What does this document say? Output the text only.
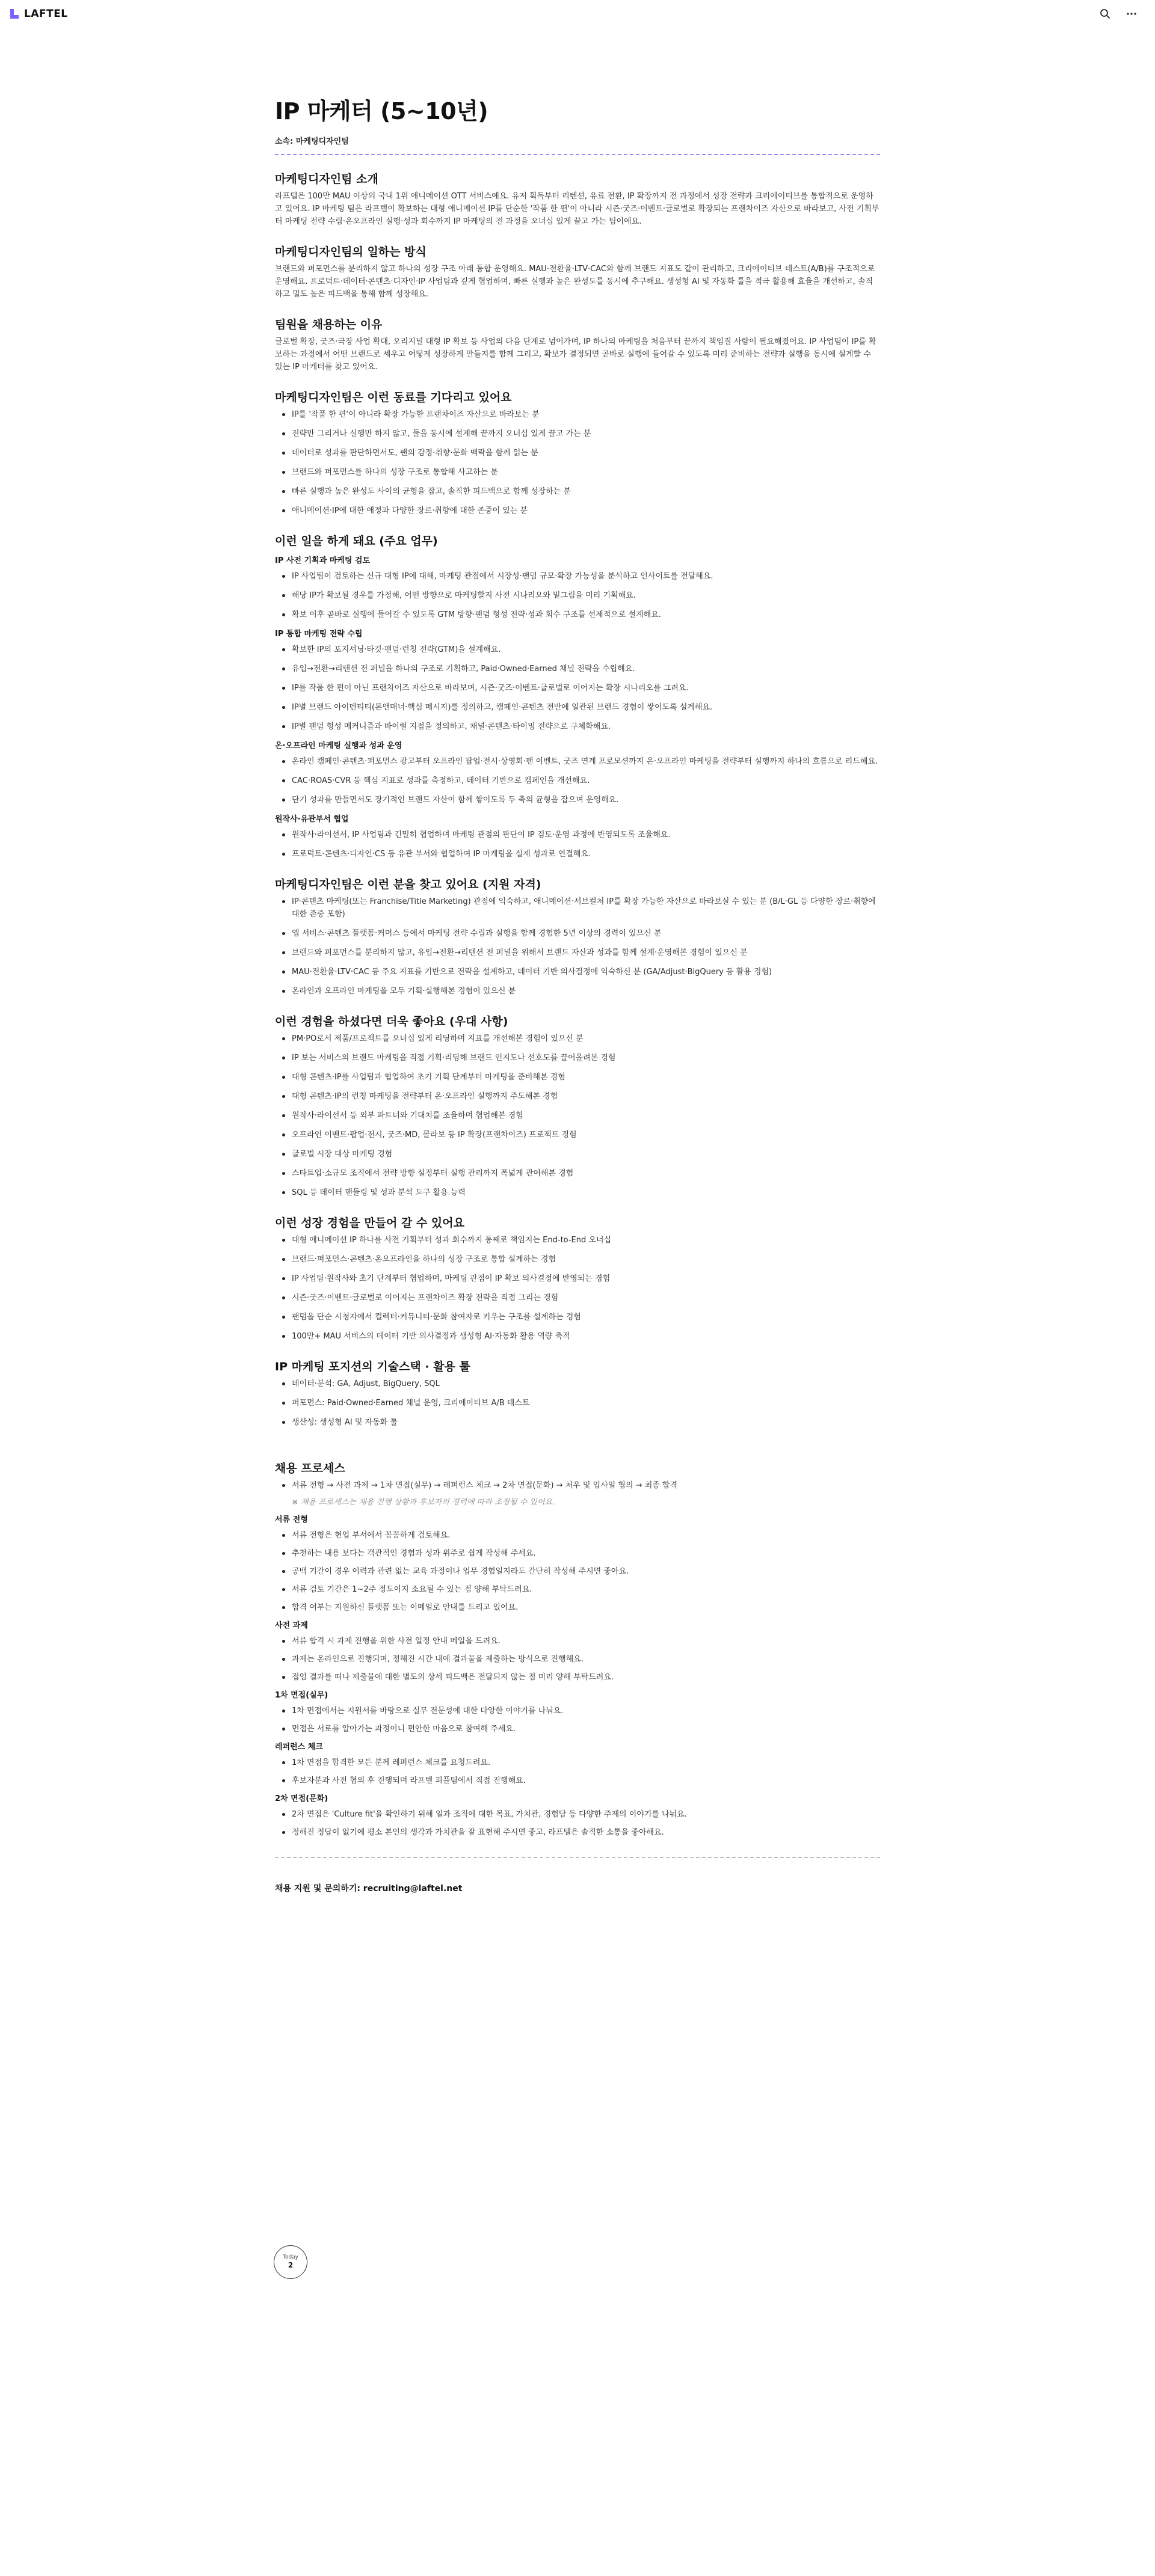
LAFTEL
IP 마케터 (5~10년)
소속: 마케팅디자인팀
마케팅디자인팀 소개

라프텔은 100만 MAU 이상의 국내 1위 애니메이션 OTT 서비스예요. 유저 획득부터 리텐션, 유료 전환, IP 확장까지 전 과정에서 성장 전략과 크리에이티브를 통합적으로 운영하고 있어요. IP 마케팅 팀은 라프텔이 확보하는 대형 애니메이션 IP를 단순한 '작품 한 편'이 아니라 시즌·굿즈·이벤트·글로벌로 확장되는 프랜차이즈 자산으로 바라보고, 사전 기획부터 마케팅 전략 수립·온오프라인 실행·성과 회수까지 IP 마케팅의 전 과정을 오너십 있게 끌고 가는 팀이에요.

마케팅디자인팀의 일하는 방식

브랜드와 퍼포먼스를 분리하지 않고 하나의 성장 구조 아래 통합 운영해요. MAU·전환율·LTV·CAC와 함께 브랜드 지표도 같이 관리하고, 크리에이티브 테스트(A/B)를 구조적으로 운영해요. 프로덕트·데이터·콘텐츠·디자인·IP 사업팀과 깊게 협업하며, 빠른 실행과 높은 완성도를 동시에 추구해요. 생성형 AI 및 자동화 툴을 적극 활용해 효율을 개선하고, 솔직하고 밀도 높은 피드백을 통해 함께 성장해요.

팀원을 채용하는 이유

글로벌 확장, 굿즈·극장 사업 확대, 오리지널 대형 IP 확보 등 사업의 다음 단계로 넘어가며, IP 하나의 마케팅을 처음부터 끝까지 책임질 사람이 필요해졌어요. IP 사업팀이 IP를 확보하는 과정에서 어떤 브랜드로 세우고 어떻게 성장하게 만들지를 함께 그리고, 확보가 결정되면 곧바로 실행에 들어갈 수 있도록 미리 준비하는 전략과 실행을 동시에 설계할 수 있는 IP 마케터를 찾고 있어요.

마케팅디자인팀은 이런 동료를 기다리고 있어요
IP를 '작품 한 편'이 아니라 확장 가능한 프랜차이즈 자산으로 바라보는 분
전략만 그리거나 실행만 하지 않고, 둘을 동시에 설계해 끝까지 오너십 있게 끌고 가는 분
데이터로 성과를 판단하면서도, 팬의 감정·취향·문화 맥락을 함께 읽는 분
브랜드와 퍼포먼스를 하나의 성장 구조로 통합해 사고하는 분
빠른 실행과 높은 완성도 사이의 균형을 잡고, 솔직한 피드백으로 함께 성장하는 분
애니메이션·IP에 대한 애정과 다양한 장르·취향에 대한 존중이 있는 분
이런 일을 하게 돼요 (주요 업무)
IP 사전 기획과 마케팅 검토
IP 사업팀이 검토하는 신규 대형 IP에 대해, 마케팅 관점에서 시장성·팬덤 규모·확장 가능성을 분석하고 인사이트를 전달해요.
해당 IP가 확보될 경우를 가정해, 어떤 방향으로 마케팅할지 사전 시나리오와 밑그림을 미리 기획해요.
확보 이후 곧바로 실행에 들어갈 수 있도록 GTM 방향·팬덤 형성 전략·성과 회수 구조를 선제적으로 설계해요.
IP 통합 마케팅 전략 수립
확보한 IP의 포지셔닝·타깃·팬덤·런칭 전략(GTM)을 설계해요.
유입→전환→리텐션 전 퍼널을 하나의 구조로 기획하고, Paid·Owned·Earned 채널 전략을 수립해요.
IP를 작품 한 편이 아닌 프랜차이즈 자산으로 바라보며, 시즌·굿즈·이벤트·글로벌로 이어지는 확장 시나리오를 그려요.
IP별 브랜드 아이덴티티(톤앤매너·핵심 메시지)를 정의하고, 캠페인·콘텐츠 전반에 일관된 브랜드 경험이 쌓이도록 설계해요.
IP별 팬덤 형성 메커니즘과 바이럴 지점을 정의하고, 채널·콘텐츠·타이밍 전략으로 구체화해요.
온·오프라인 마케팅 실행과 성과 운영
온라인 캠페인·콘텐츠·퍼포먼스 광고부터 오프라인 팝업·전시·상영회·팬 이벤트, 굿즈 연계 프로모션까지 온·오프라인 마케팅을 전략부터 실행까지 하나의 흐름으로 리드해요.
CAC·ROAS·CVR 등 핵심 지표로 성과를 측정하고, 데이터 기반으로 캠페인을 개선해요.
단기 성과를 만들면서도 장기적인 브랜드 자산이 함께 쌓이도록 두 축의 균형을 잡으며 운영해요.
원작사·유관부서 협업
원작사·라이선서, IP 사업팀과 긴밀히 협업하며 마케팅 관점의 판단이 IP 검토·운영 과정에 반영되도록 조율해요.
프로덕트·콘텐츠·디자인·CS 등 유관 부서와 협업하여 IP 마케팅을 실제 성과로 연결해요.
마케팅디자인팀은 이런 분을 찾고 있어요 (지원 자격)
IP·콘텐츠 마케팅(또는 Franchise/Title Marketing) 관점에 익숙하고, 애니메이션·서브컬처 IP를 확장 가능한 자산으로 바라보실 수 있는 분 (B/L·GL 등 다양한 장르·취향에 대한 존중 포함)
앱 서비스·콘텐츠 플랫폼·커머스 등에서 마케팅 전략 수립과 실행을 함께 경험한 5년 이상의 경력이 있으신 분
브랜드와 퍼포먼스를 분리하지 않고, 유입→전환→리텐션 전 퍼널을 위해서 브랜드 자산과 성과를 함께 설계·운영해본 경험이 있으신 분
MAU·전환율·LTV·CAC 등 주요 지표를 기반으로 전략을 설계하고, 데이터 기반 의사결정에 익숙하신 분 (GA/Adjust·BigQuery 등 활용 경험)
온라인과 오프라인 마케팅을 모두 기획·실행해본 경험이 있으신 분
이런 경험을 하셨다면 더욱 좋아요 (우대 사항)
PM·PO로서 제품/프로젝트를 오너십 있게 리딩하며 지표를 개선해본 경험이 있으신 분
IP 보는 서비스의 브랜드 마케팅을 직접 기획·리딩해 브랜드 인지도나 선호도를 끌어올려본 경험
대형 콘텐츠·IP를 사업팀과 협업하여 초기 기획 단계부터 마케팅을 준비해본 경험
대형 콘텐츠·IP의 런칭 마케팅을 전략부터 온·오프라인 실행까지 주도해본 경험
원작사·라이선서 등 외부 파트너와 기대치를 조율하며 협업해본 경험
오프라인 이벤트·팝업·전시, 굿즈·MD, 콜라보 등 IP 확장(프랜차이즈) 프로젝트 경험
글로벌 시장 대상 마케팅 경험
스타트업·소규모 조직에서 전략 방향 설정부터 실행 관리까지 폭넓게 관여해본 경험
SQL 등 데이터 핸들링 및 성과 분석 도구 활용 능력
이런 성장 경험을 만들어 갈 수 있어요
대형 애니메이션 IP 하나를 사전 기획부터 성과 회수까지 통째로 책임지는 End-to-End 오너십
브랜드·퍼포먼스·콘텐츠·온오프라인을 하나의 성장 구조로 통합 설계하는 경험
IP 사업팀·원작사와 초기 단계부터 협업하며, 마케팅 관점이 IP 확보 의사결정에 반영되는 경험
시즌·굿즈·이벤트·글로벌로 이어지는 프랜차이즈 확장 전략을 직접 그리는 경험
팬덤을 단순 시청자에서 컬렉터·커뮤니티·문화 참여자로 키우는 구조를 설계하는 경험
100만+ MAU 서비스의 데이터 기반 의사결정과 생성형 AI·자동화 활용 역량 축적
IP 마케팅 포지션의 기술스택 · 활용 툴
데이터·분석: GA, Adjust, BigQuery, SQL
퍼포먼스: Paid·Owned·Earned 채널 운영, 크리에이티브 A/B 테스트
생산성: 생성형 AI 및 자동화 툴
채용 프로세스
서류 전형 → 사전 과제 → 1차 면접(실무) → 레퍼런스 체크 → 2차 면접(문화) → 처우 및 입사일 협의 → 최종 합격
※ 채용 프로세스는 채용 진행 상황과 후보자의 경력에 따라 조정될 수 있어요.
서류 전형
서류 전형은 현업 부서에서 꼼꼼하게 검토해요.
추천하는 내용 보다는 객관적인 경험과 성과 위주로 쉽게 작성해 주세요.
공백 기간이 경우 이력과 관련 없는 교육 과정이나 업무 경험일지라도 간단히 작성해 주시면 좋아요.
서류 검토 기간은 1~2주 정도이지 소요될 수 있는 점 양해 부탁드려요.
합격 여부는 지원하신 플랫폼 또는 이메일로 안내를 드리고 있어요.
사전 과제
서류 합격 시 과제 진행을 위한 사전 일정 안내 메일을 드려요.
과제는 온라인으로 진행되며, 정해진 시간 내에 결과물을 제출하는 방식으로 진행해요.
접엄 결과를 떠나 제출물에 대한 별도의 상세 피드백은 전달되지 않는 점 미리 양해 부탁드려요.
1차 면접(실무)
1차 면접에서는 지원서를 바탕으로 실무 전문성에 대한 다양한 이야기를 나눠요.
면접은 서로를 알아가는 과정이니 편안한 마음으로 참여해 주세요.
레퍼런스 체크
1차 면접을 합격한 모든 분께 레퍼런스 체크를 요청드려요.
후보자분과 사전 협의 후 진행되며 라프텔 피플팀에서 직접 진행해요.
2차 면접(문화)
2차 면접은 'Culture fit'을 확인하기 위해 일과 조직에 대한 목표, 가치관, 경험담 등 다양한 주제의 이야기를 나눠요.
정해진 정답이 없기에 평소 본인의 생각과 가치관을 잘 표현해 주시면 좋고, 라프텔은 솔직한 소통을 좋아해요.
채용 지원 및 문의하기: recruiting@laftel.net
Today
2
